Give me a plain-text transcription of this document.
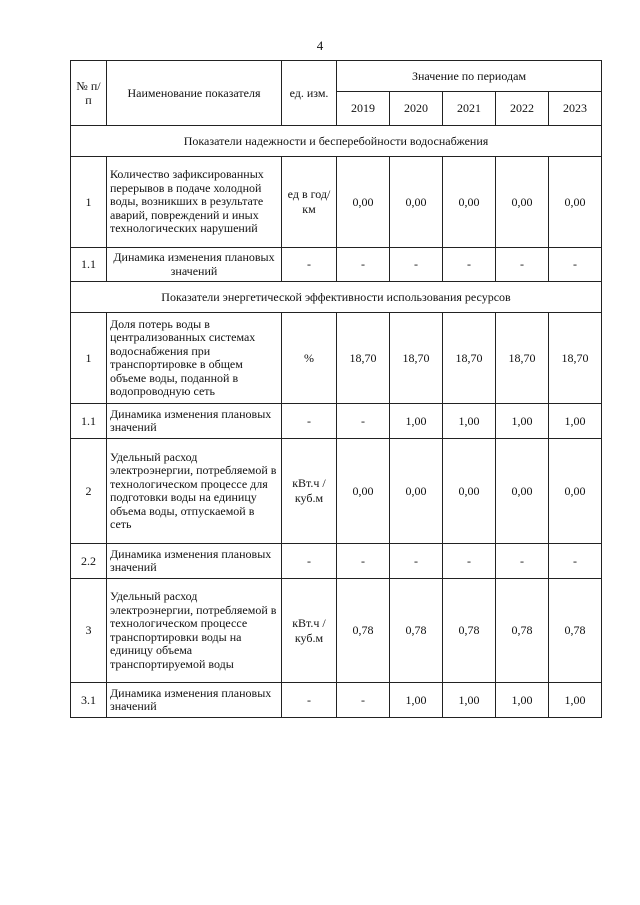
4
№ п/п	Наименование показателя	ед. изм.	Значение по периодам				
			2019	2020	2021	2022	2023
Показатели надежности и бесперебойности водоснабжения							
1	Количество зафиксированных перерывов в подаче холодной воды, возникших в результате аварий, повреждений и иных технологических нарушений	ед в год/ км	0,00	0,00	0,00	0,00	0,00
1.1	Динамика изменения плановых значений	-	-	-	-	-	-
Показатели энергетической эффективности использования ресурсов							
1	Доля потерь воды в централизованных системах водоснабжения при транспортировке в общем объеме воды, поданной в водопроводную сеть	%	18,70	18,70	18,70	18,70	18,70
1.1	Динамика изменения плановых значений	-	-	1,00	1,00	1,00	1,00
2	Удельный расход электроэнергии, потребляемой в технологическом процессе для подготовки воды на единицу объема воды, отпускаемой в сеть	кВт.ч / куб.м	0,00	0,00	0,00	0,00	0,00
2.2	Динамика изменения плановых значений	-	-	-	-	-	-
3	Удельный расход электроэнергии, потребляемой в технологическом процессе транспортировки воды на единицу объема транспортируемой воды	кВт.ч / куб.м	0,78	0,78	0,78	0,78	0,78
3.1	Динамика изменения плановых значений	-	-	1,00	1,00	1,00	1,00
